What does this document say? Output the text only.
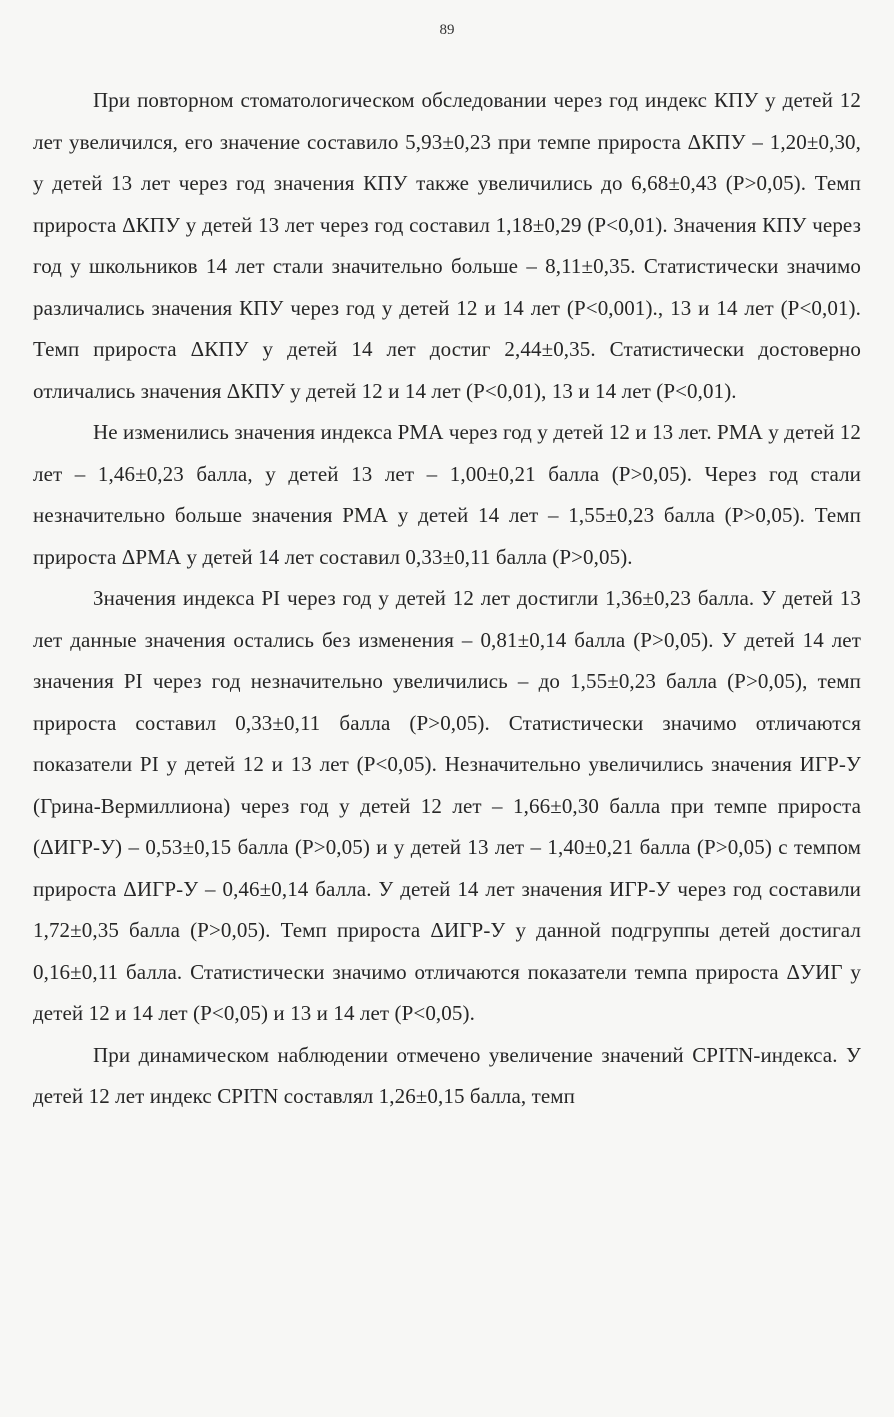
89

При повторном стоматологическом обследовании через год индекс КПУ у детей 12 лет увеличился, его значение составило 5,93±0,23 при темпе прироста ΔКПУ – 1,20±0,30, у детей 13 лет через год значения КПУ также увеличились до 6,68±0,43 (Р>0,05). Темп прироста ΔКПУ у детей 13 лет через год составил 1,18±0,29 (Р<0,01). Значения КПУ через год у школьников 14 лет стали значительно больше – 8,11±0,35. Статистически значимо различались значения КПУ через год у детей 12 и 14 лет (Р<0,001)., 13 и 14 лет (Р<0,01). Темп прироста ΔКПУ у детей 14 лет достиг 2,44±0,35. Статистически достоверно отличались значения ΔКПУ у детей 12 и 14 лет (Р<0,01), 13 и 14 лет (Р<0,01).

Не изменились значения индекса РМА через год у детей 12 и 13 лет. РМА у детей 12 лет – 1,46±0,23 балла, у детей 13 лет – 1,00±0,21 балла (Р>0,05). Через год стали незначительно больше значения РМА у детей 14 лет – 1,55±0,23 балла (Р>0,05). Темп прироста ΔРМА у детей 14 лет составил 0,33±0,11 балла (Р>0,05).

Значения индекса PI через год у детей 12 лет достигли 1,36±0,23 балла. У детей 13 лет данные значения остались без изменения – 0,81±0,14 балла (Р>0,05). У детей 14 лет значения PI через год незначительно увеличились – до 1,55±0,23 балла (Р>0,05), темп прироста составил 0,33±0,11 балла (Р>0,05). Статистически значимо отличаются показатели PI у детей 12 и 13 лет (Р<0,05). Незначительно увеличились значения ИГР-У (Грина-Вермиллиона) через год у детей 12 лет – 1,66±0,30 балла при темпе прироста (ΔИГР-У) – 0,53±0,15 балла (Р>0,05) и у детей 13 лет – 1,40±0,21 балла (Р>0,05) с темпом прироста ΔИГР-У – 0,46±0,14 балла. У детей 14 лет значения ИГР-У через год составили 1,72±0,35 балла (Р>0,05). Темп прироста ΔИГР-У у данной подгруппы детей достигал 0,16±0,11 балла. Статистически значимо отличаются показатели темпа прироста ΔУИГ у детей 12 и 14 лет (Р<0,05) и 13 и 14 лет (Р<0,05).

При динамическом наблюдении отмечено увеличение значений CPITN-индекса. У детей 12 лет индекс CPITN составлял 1,26±0,15 балла, темп
